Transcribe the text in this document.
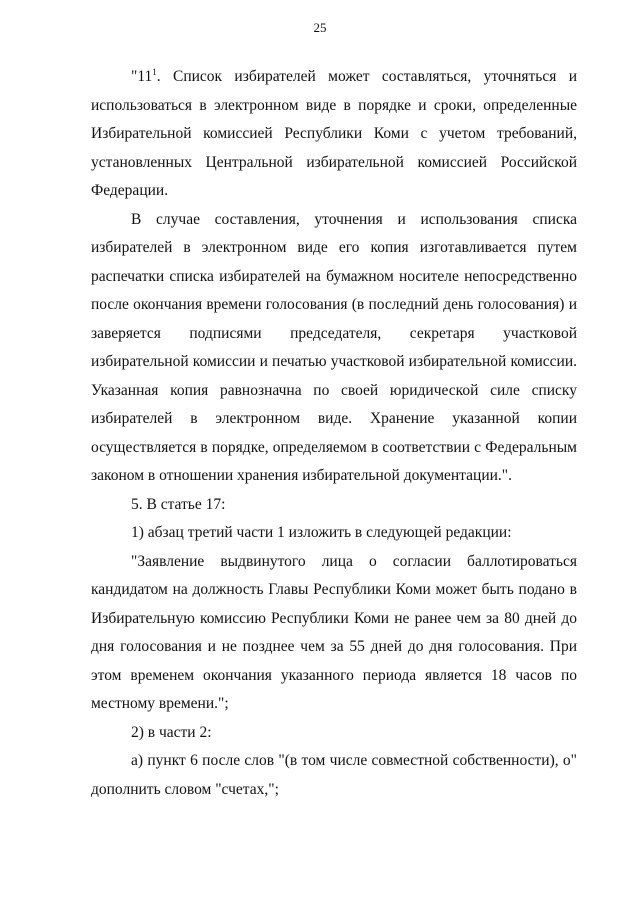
25

"$11^1$. Список избирателей может составляться, уточняться и использоваться в электронном виде в порядке и сроки, определенные Избирательной комиссией Республики Коми с учетом требований, установленных Центральной избирательной комиссией Российской Федерации.

В случае составления, уточнения и использования списка избирателей в электронном виде его копия изготавливается путем распечатки списка избирателей на бумажном носителе непосредственно после окончания времени голосования (в последний день голосования) и заверяется подписями председателя, секретаря участковой избирательной комиссии и печатью участковой избирательной комиссии. Указанная копия равнозначна по своей юридической силе списку избирателей в электронном виде. Хранение указанной копии осуществляется в порядке, определяемом в соответствии с Федеральным законом в отношении хранения избирательной документации.".

5. В статье 17:

1) абзац третий части 1 изложить в следующей редакции:

"Заявление выдвинутого лица о согласии баллотироваться кандидатом на должность Главы Республики Коми может быть подано в Избирательную комиссию Республики Коми не ранее чем за 80 дней до дня голосования и не позднее чем за 55 дней до дня голосования. При этом временем окончания указанного периода является 18 часов по местному времени.";

2) в части 2:

а) пункт 6 после слов "(в том числе совместной собственности), о" дополнить словом "счетах,";
